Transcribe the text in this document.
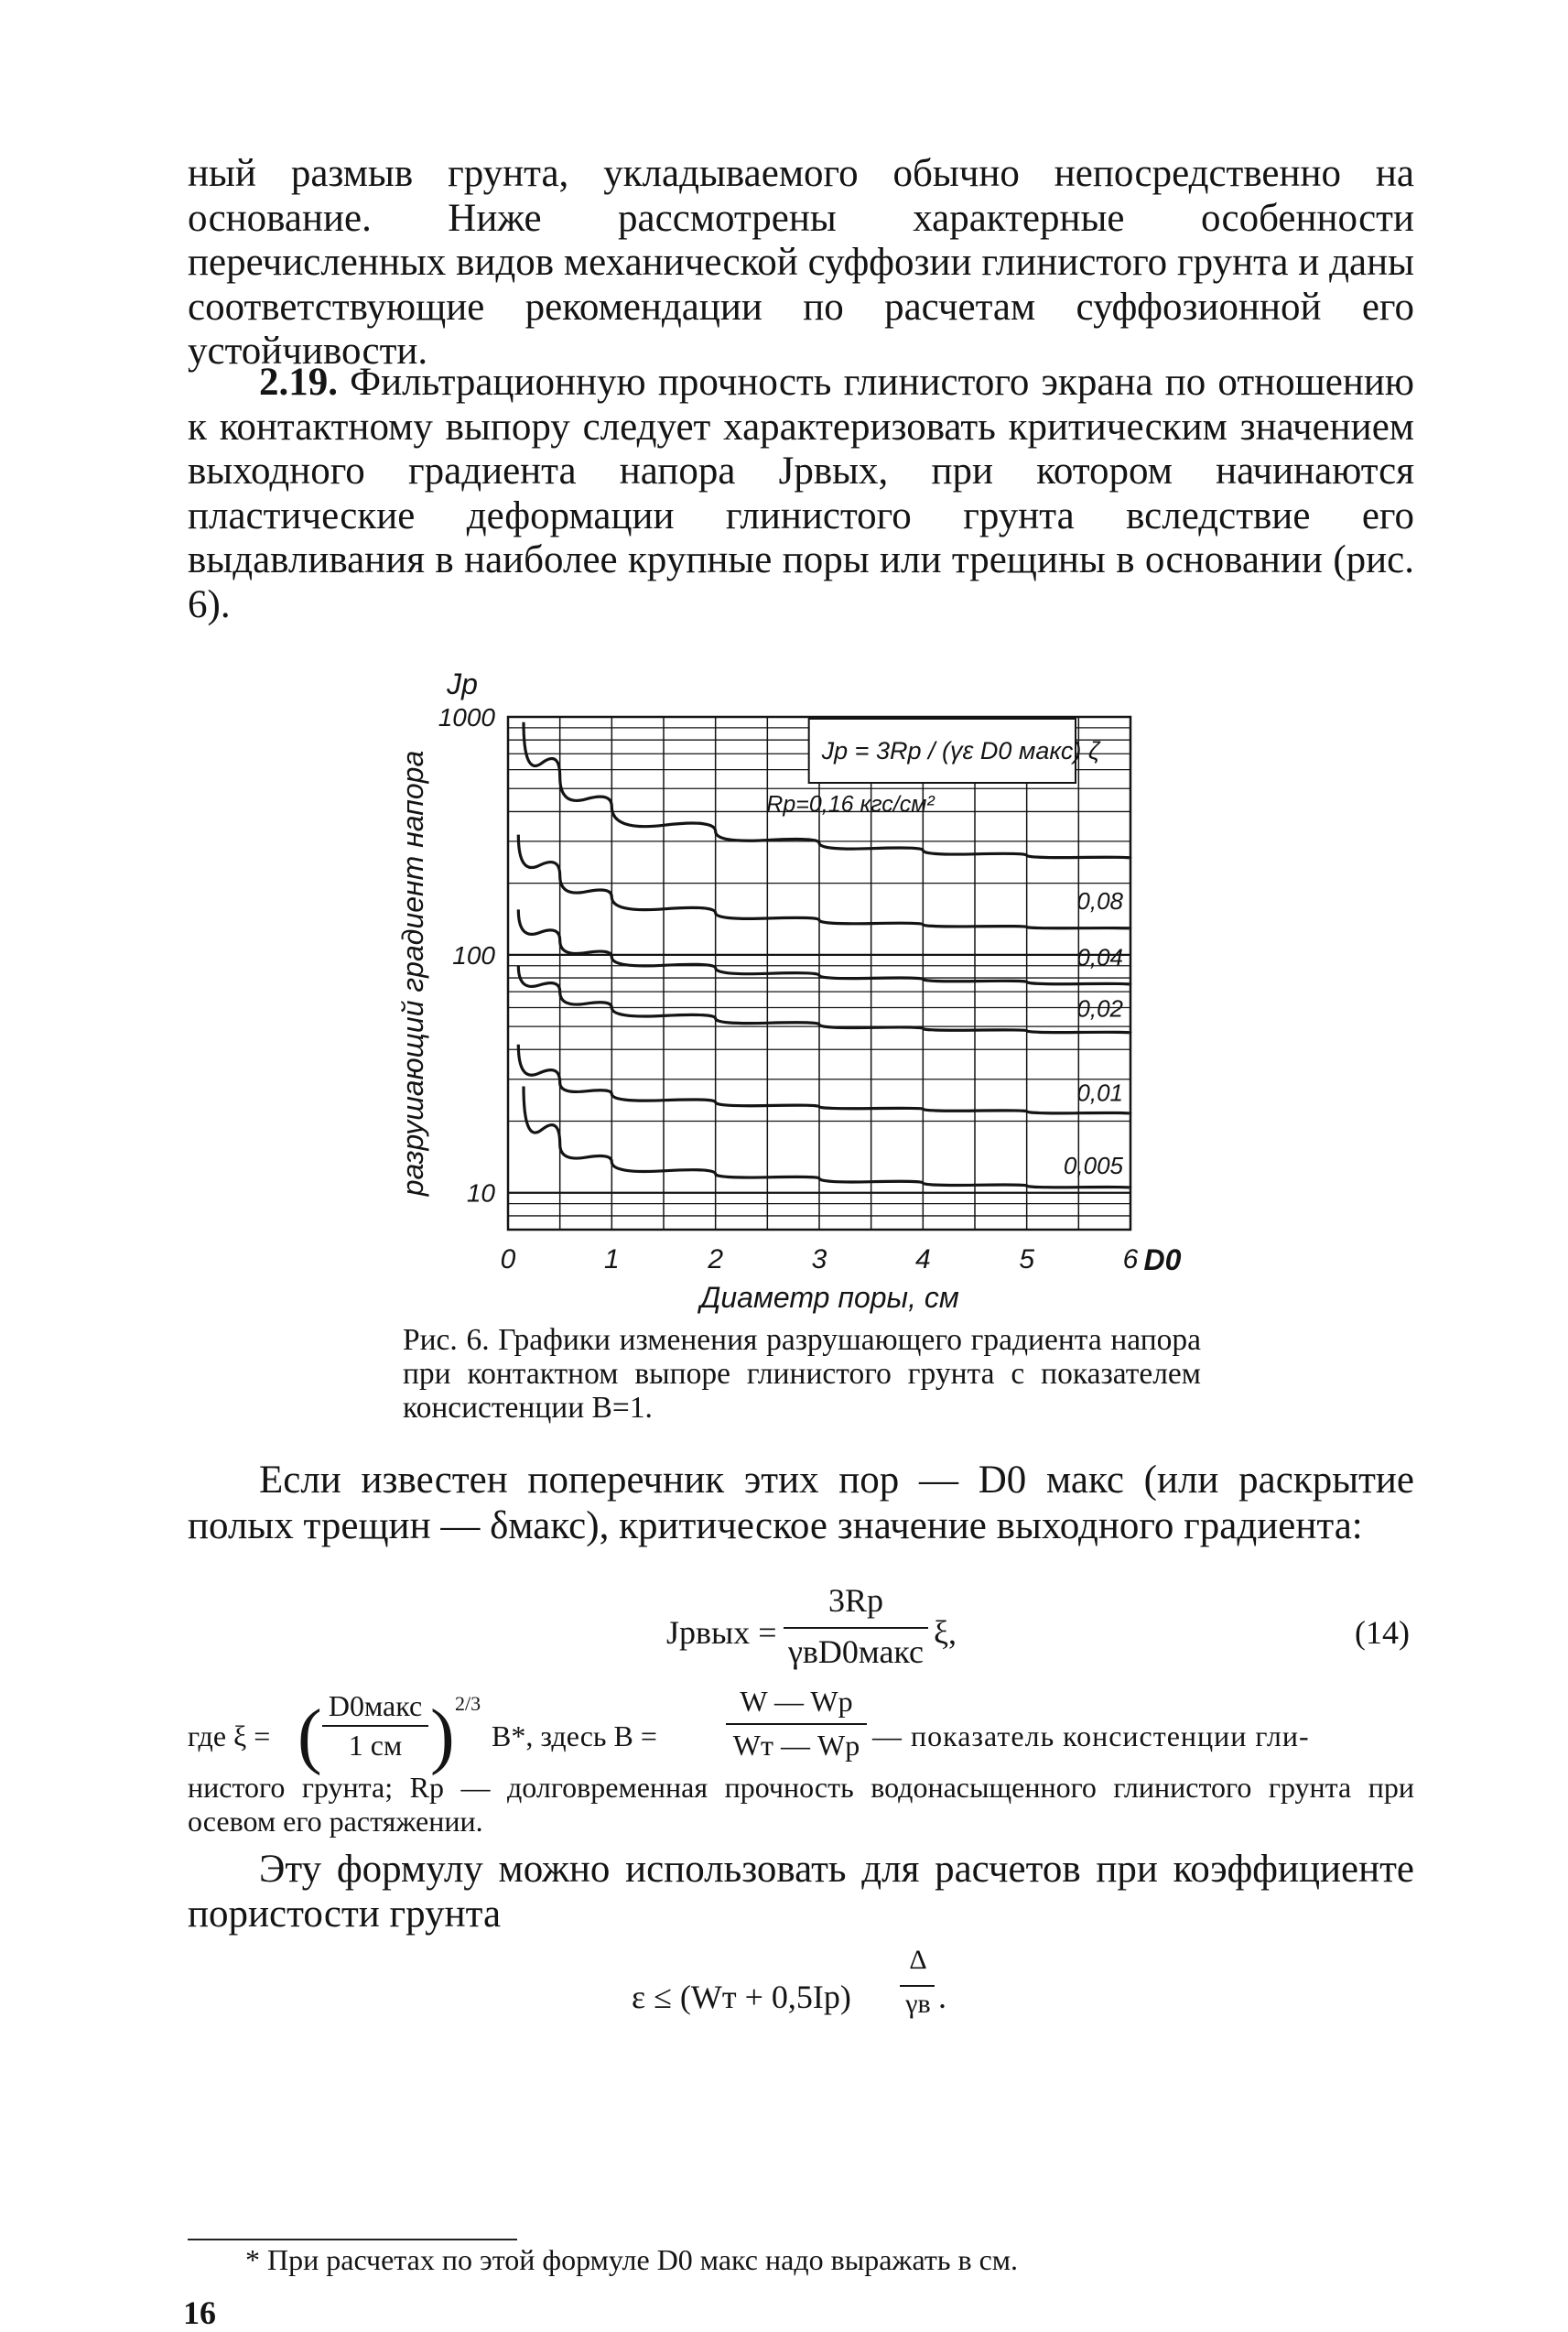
ный размыв грунта, укладываемого обычно непосредственно на основание. Ниже рассмотрены характерные особенности перечисленных видов механической суффозии глинистого грунта и даны соответствующие рекомендации по расчетам суффозионной его устойчивости.

2.19. Фильтрационную прочность глинистого экрана по отношению к контактному выпору следует характеризовать критическим значением выходного градиента напора Jрвых, при котором начинаются пластические деформации глинистого грунта вследствие его выдавливания в наиболее крупные поры или трещины в основании (рис. 6).

0,08
0,04
0,02
0,01
0,005
Rр=0,16 кгс/см²
Jр = 3Rр / (γε D0 макс) ζ
10
100
1000
0	1	2	3	4	5	6 D0
Диаметр поры, см
Jр
разрушающий градиент напора

Рис. 6. Графики изменения разрушающего градиента напора при контактном выпоре глинистого грунта с показателем консистенции B=1.

Если известен поперечник этих пор — D0 макс (или раскрытие полых трещин — δмакс), критическое значение выходного градиента:

Jрвых =
3Rр
γвD0макс
ξ,	(14)
где ξ = ( D0макс
1 см ) 2/3
B*, здесь B =
W — Wр
Wт — Wр — показатель консистенции гли-

нистого грунта; Rр — долговременная прочность водонасыщенного глинистого грунта при осевом его растяжении.

Эту формулу можно использовать для расчетов при коэффициенте пористости грунта

ε ≤ (Wт + 0,5Iр)
Δ
γв .
* При расчетах по этой формуле D0 макс надо выражать в см.
16
